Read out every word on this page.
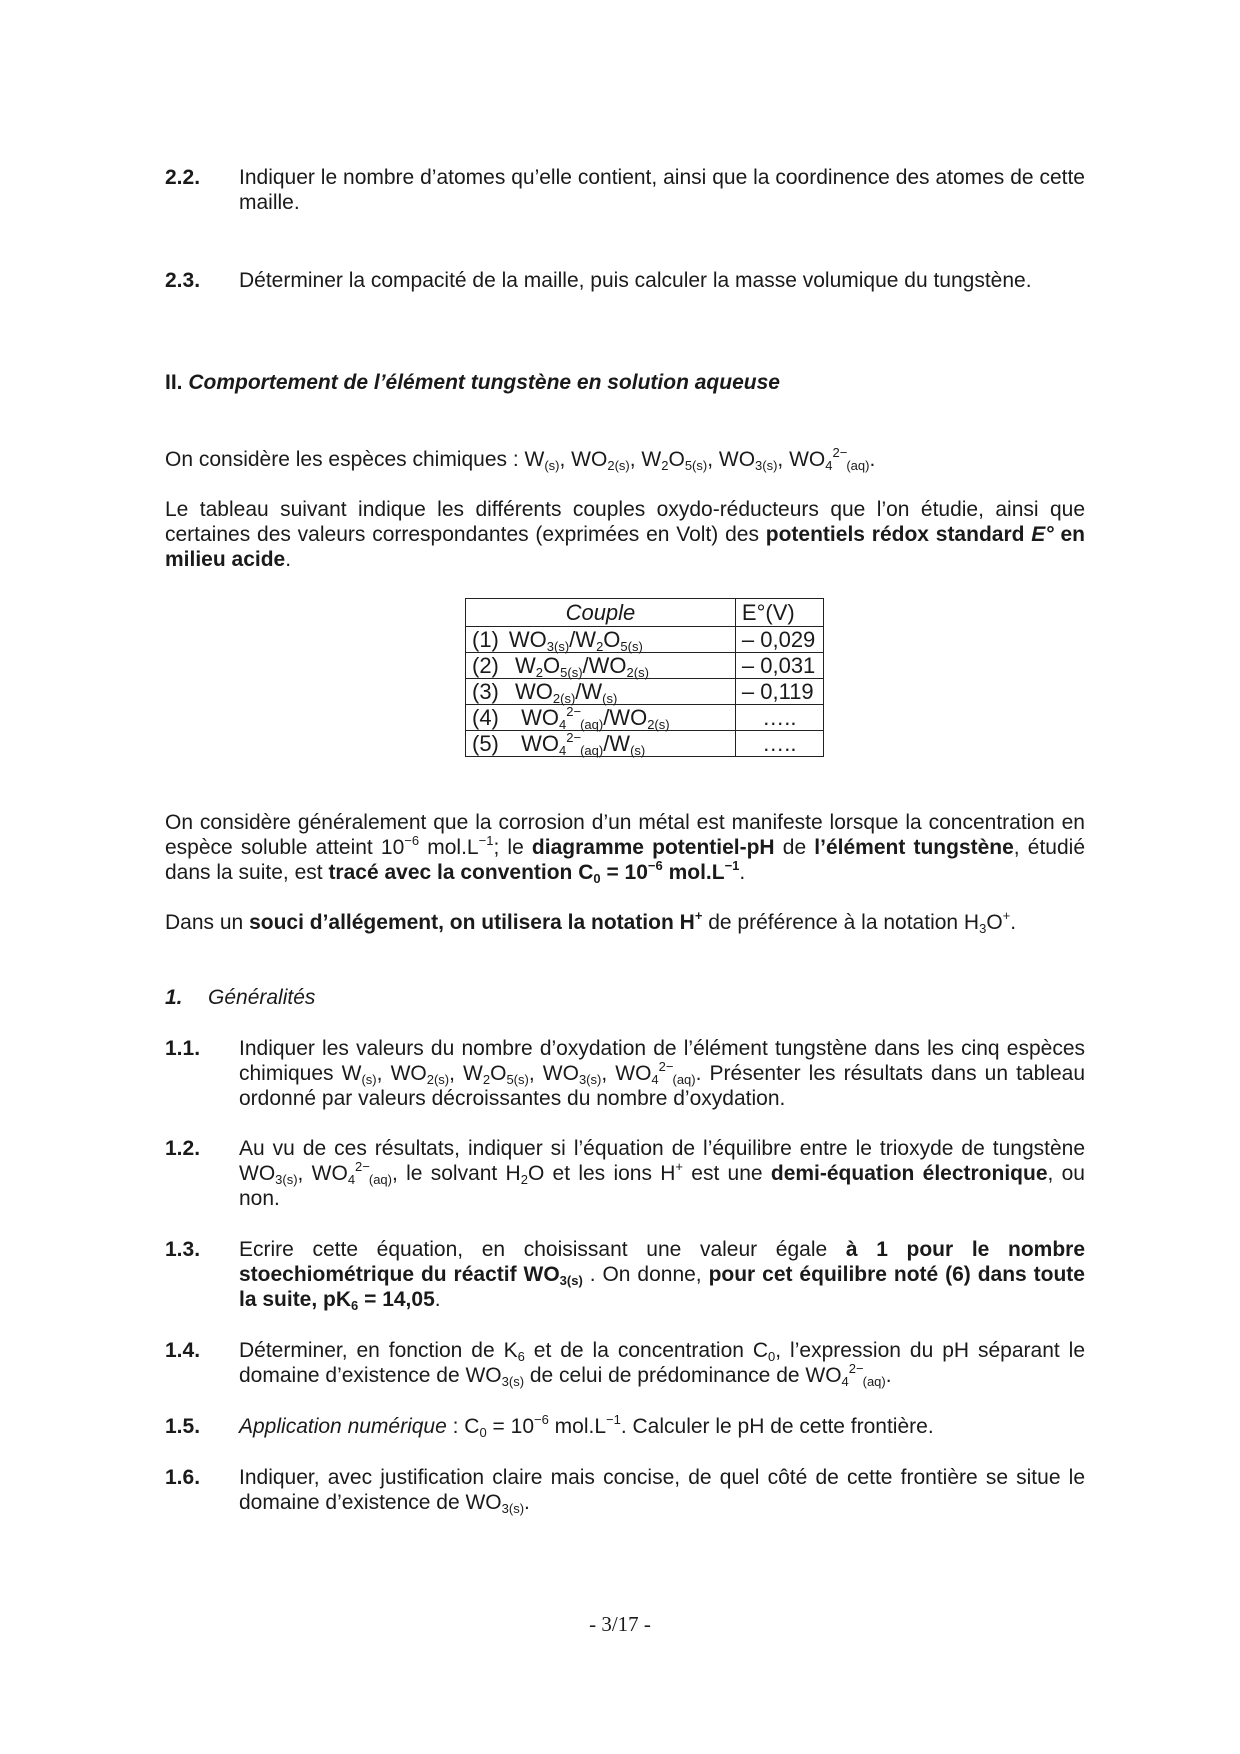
2.2. Indiquer le nombre d’atomes qu’elle contient, ainsi que la coordinence des atomes de cette maille.
2.3. Déterminer la compacité de la maille, puis calculer la masse volumique du tungstène.
II. Comportement de l’élément tungstène en solution aqueuse
On considère les espèces chimiques : $W_{(s)}$, $WO_{2(s)}$, $W_2O_{5(s)}$, $WO_{3(s)}$, $WO_4^{2-}_{(aq)}$.
Le tableau suivant indique les différents couples oxydo-réducteurs que l’on étudie, ainsi que certaines des valeurs correspondantes (exprimées en Volt) des potentiels rédox standard E° en milieu acide.
Couple		E°(V)
(1)	$WO_{3(s)}/W_2O_{5(s)}$	– 0,029
(2)	$W_2O_{5(s)}/WO_{2(s)}$	– 0,031
(3)	$WO_{2(s)}/W_{(s)}$	– 0,119
(4)	$WO_4^{2-}_{(aq)}/WO_{2(s)}$	…..
(5)	$WO_4^{2-}_{(aq)}/W_{(s)}$	…..
On considère généralement que la corrosion d’un métal est manifeste lorsque la concentration en espèce soluble atteint $10^{-6}$ $mol.L^{-1}$; le diagramme potentiel-pH de l’élément tungstène, étudié dans la suite, est tracé avec la convention $C_0 = 10^{-6}$ $mol.L^{-1}$.
Dans un souci d’allégement, on utilisera la notation H+ de préférence à la notation $H_3O^+$.
1. Généralités
1.1. Indiquer les valeurs du nombre d’oxydation de l’élément tungstène dans les cinq espèces chimiques $W_{(s)}$, $WO_{2(s)}$, $W_2O_{5(s)}$, $WO_{3(s)}$, $WO_4^{2-}_{(aq)}$. Présenter les résultats dans un tableau ordonné par valeurs décroissantes du nombre d’oxydation.
1.2. Au vu de ces résultats, indiquer si l’équation de l’équilibre entre le trioxyde de tungstène $WO_{3(s)}$, $WO_4^{2-}_{(aq)}$, le solvant $H_2O$ et les ions H+ est une demi-équation électronique, ou non.
1.3. Ecrire cette équation, en choisissant une valeur égale à 1 pour le nombre stoechiométrique du réactif $WO_{3(s)}$ . On donne, pour cet équilibre noté (6) dans toute la suite, $pK_6 = 14,05$.
1.4. Déterminer, en fonction de $K_6$ et de la concentration $C_0$, l’expression du pH séparant le domaine d’existence de $WO_{3(s)}$ de celui de prédominance de $WO_4^{2-}_{(aq)}$.
1.5. Application numérique : $C_0 = 10^{-6}$ $mol.L^{-1}$. Calculer le pH de cette frontière.
1.6. Indiquer, avec justification claire mais concise, de quel côté de cette frontière se situe le domaine d’existence de $WO_{3(s)}$.
- 3/17 -
